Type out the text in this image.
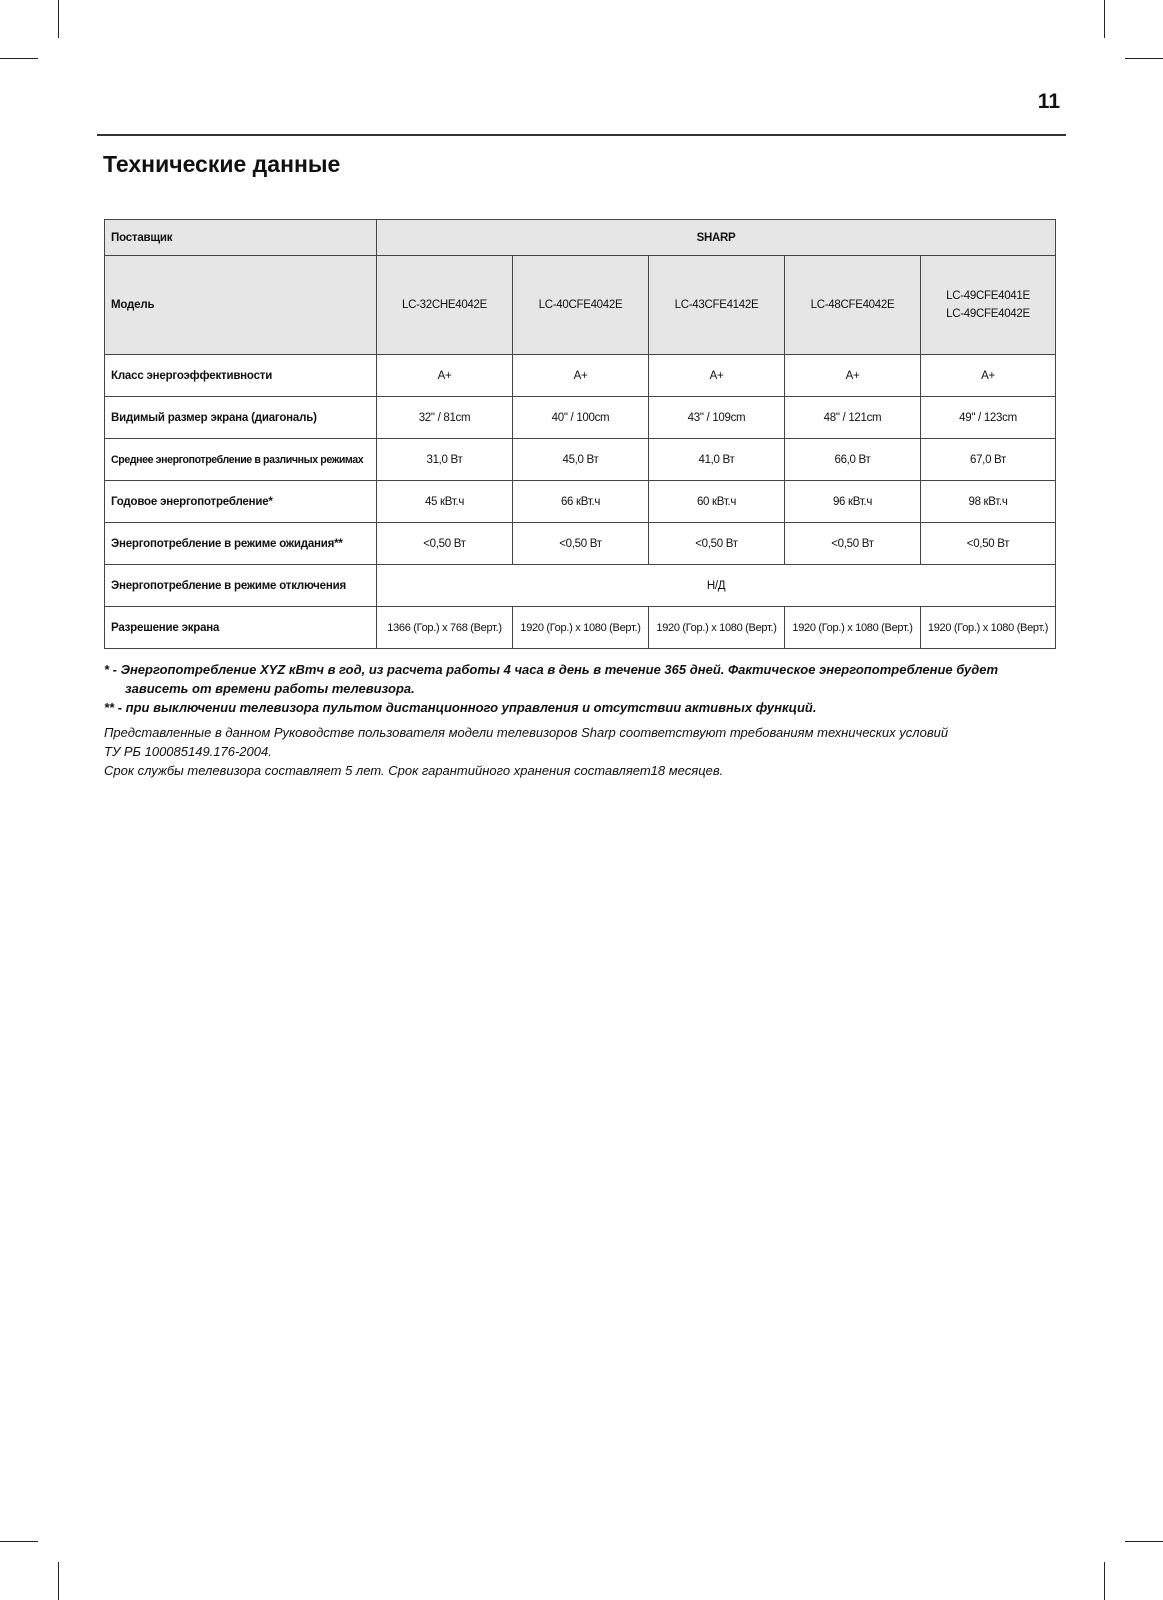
11
Технические данные
Поставщик	SHARP				
Модель	LC-32CHE4042E	LC-40CFE4042E	LC-43CFE4142E	LC-48CFE4042E	LC-49CFE4041E
LC-49CFE4042E

Класс энергоэффективности	A+	A+	A+	A+	A+
Видимый размер экрана (диагональ)	32" / 81cm	40" / 100cm	43" / 109cm	48" / 121cm	49" / 123cm
Среднее энергопотребление в различных режимах	31,0 Вт	45,0 Вт	41,0 Вт	66,0 Вт	67,0 Вт
Годовое энергопотребление*	45 кВт.ч	66 кВт.ч	60 кВт.ч	96 кВт.ч	98 кВт.ч
Энергопотребление в режиме ожидания**	<0,50 Вт	<0,50 Вт	<0,50 Вт	<0,50 Вт	<0,50 Вт
Энергопотребление в режиме отключения	Н/Д				
Разрешение экрана	1366 (Гор.) x 768 (Верт.)	1920 (Гор.) x 1080 (Верт.)	1920 (Гор.) x 1080 (Верт.)	1920 (Гор.) x 1080 (Верт.)	1920 (Гор.) x 1080 (Верт.)

* - Энергопотребление XYZ кВтч в год, из расчета работы 4 часа в день в течение 365 дней. Фактическое энергопотребление будет

зависеть от времени работы телевизора.

** - при выключении телевизора пультом дистанционного управления и отсутствии активных функций.

Представленные в данном Руководстве пользователя модели телевизоров Sharp соответствуют требованиям технических условий

ТУ РБ 100085149.176-2004.

Срок службы телевизора составляет 5 лет. Срок гарантийного хранения составляет18 месяцев.
